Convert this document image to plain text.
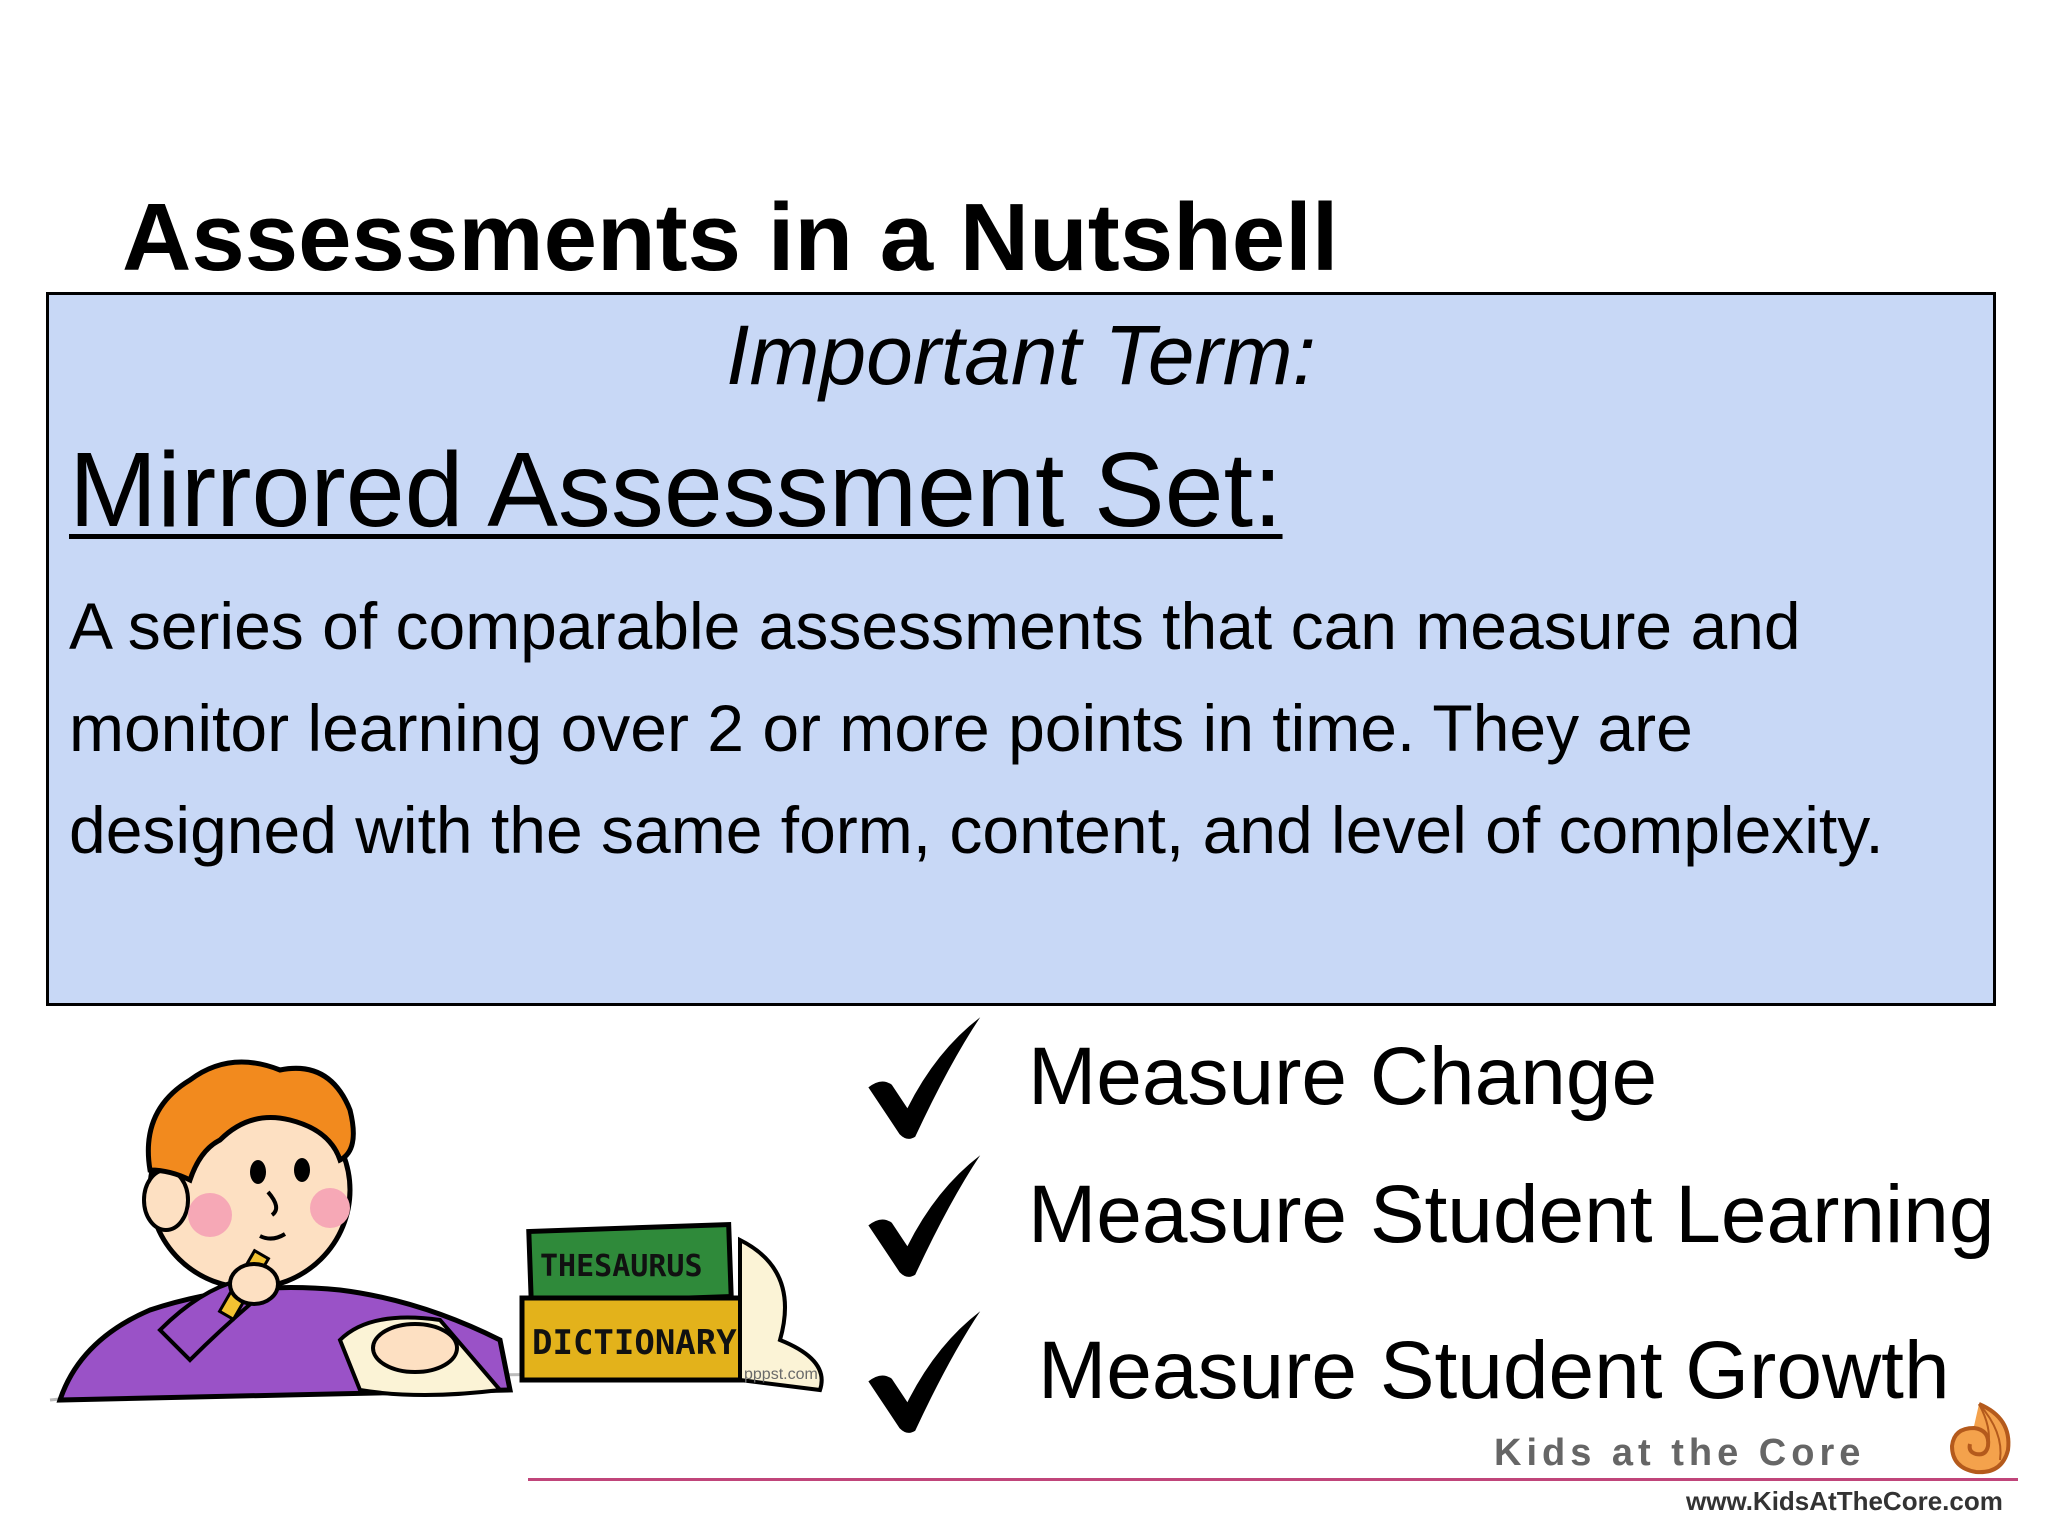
Assessments in a Nutshell
Important Term:
Mirrored Assessment Set:
A series of comparable assessments that can measure and monitor learning over 2 or more points in time. They are designed with the same form, content, and level of complexity.
THESAURUS
DICTIONARY
pppst.com
Measure Change
Measure Student Learning
Measure Student Growth
Kids at the Core
www.KidsAtTheCore.com
